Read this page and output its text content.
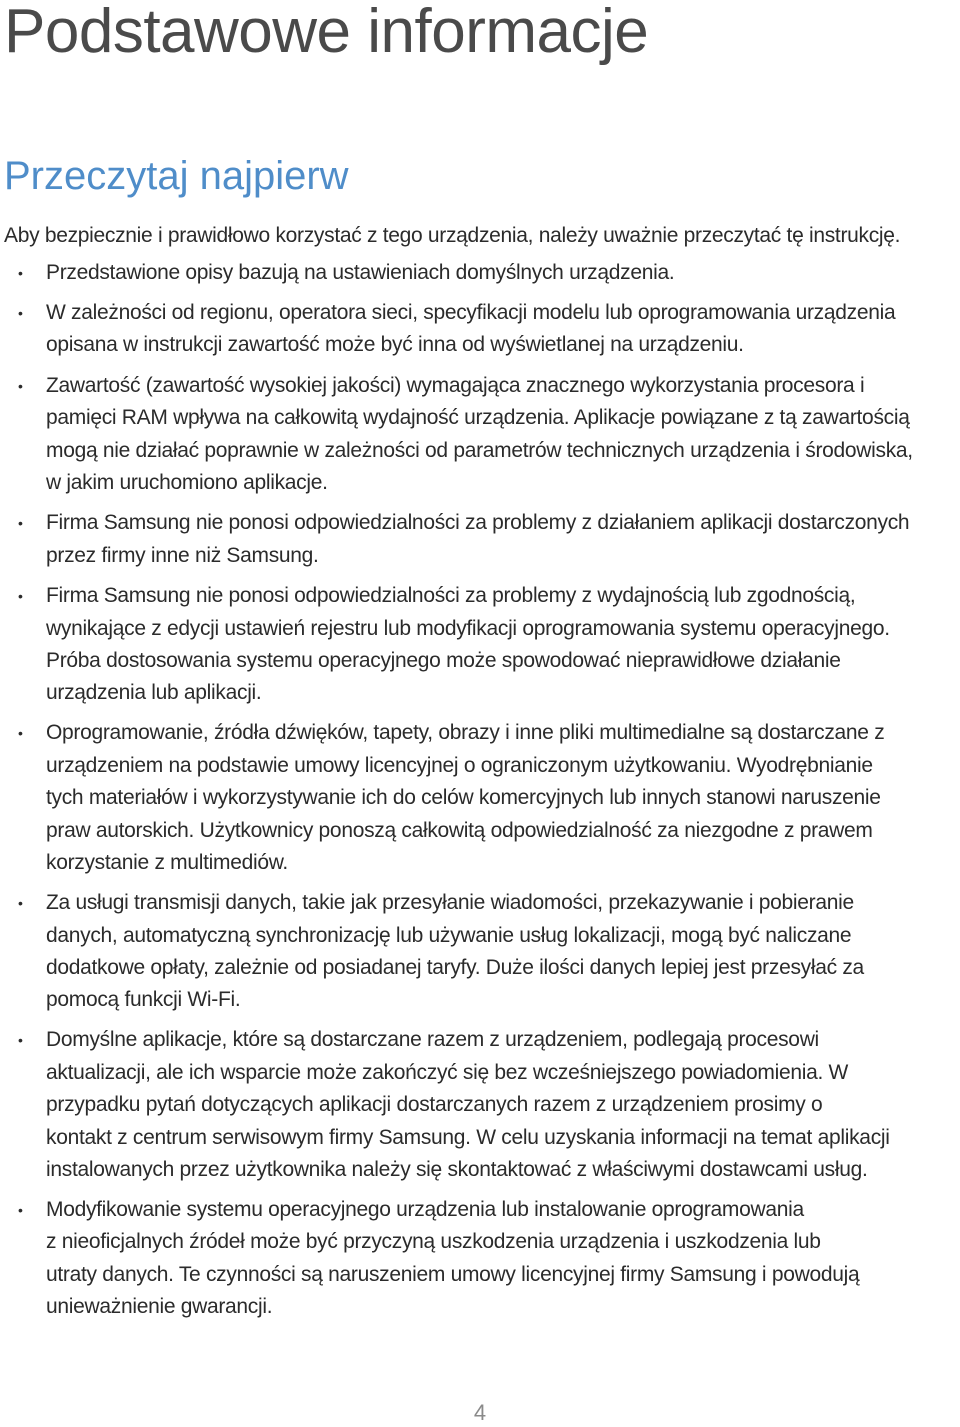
Podstawowe informacje
Przeczytaj najpierw

Aby bezpiecznie i prawidłowo korzystać z tego urządzenia, należy uważnie przeczytać tę instrukcję.

• Przedstawione opisy bazują na ustawieniach domyślnych urządzenia.
• W zależności od regionu, operatora sieci, specyfikacji modelu lub oprogramowania urządzenia
opisana w instrukcji zawartość może być inna od wyświetlanej na urządzeniu.
• Zawartość (zawartość wysokiej jakości) wymagająca znacznego wykorzystania procesora i
pamięci RAM wpływa na całkowitą wydajność urządzenia. Aplikacje powiązane z tą zawartością
mogą nie działać poprawnie w zależności od parametrów technicznych urządzenia i środowiska,
w jakim uruchomiono aplikacje.
• Firma Samsung nie ponosi odpowiedzialności za problemy z działaniem aplikacji dostarczonych
przez firmy inne niż Samsung.
• Firma Samsung nie ponosi odpowiedzialności za problemy z wydajnością lub zgodnością,
wynikające z edycji ustawień rejestru lub modyfikacji oprogramowania systemu operacyjnego.
Próba dostosowania systemu operacyjnego może spowodować nieprawidłowe działanie
urządzenia lub aplikacji.
• Oprogramowanie, źródła dźwięków, tapety, obrazy i inne pliki multimedialne są dostarczane z
urządzeniem na podstawie umowy licencyjnej o ograniczonym użytkowaniu. Wyodrębnianie
tych materiałów i wykorzystywanie ich do celów komercyjnych lub innych stanowi naruszenie
praw autorskich. Użytkownicy ponoszą całkowitą odpowiedzialność za niezgodne z prawem
korzystanie z multimediów.
• Za usługi transmisji danych, takie jak przesyłanie wiadomości, przekazywanie i pobieranie
danych, automatyczną synchronizację lub używanie usług lokalizacji, mogą być naliczane
dodatkowe opłaty, zależnie od posiadanej taryfy. Duże ilości danych lepiej jest przesyłać za
pomocą funkcji Wi-Fi.
• Domyślne aplikacje, które są dostarczane razem z urządzeniem, podlegają procesowi
aktualizacji, ale ich wsparcie może zakończyć się bez wcześniejszego powiadomienia. W
przypadku pytań dotyczących aplikacji dostarczanych razem z urządzeniem prosimy o
kontakt z centrum serwisowym firmy Samsung. W celu uzyskania informacji na temat aplikacji
instalowanych przez użytkownika należy się skontaktować z właściwymi dostawcami usług.
• Modyfikowanie systemu operacyjnego urządzenia lub instalowanie oprogramowania
z nieoficjalnych źródeł może być przyczyną uszkodzenia urządzenia i uszkodzenia lub
utraty danych. Te czynności są naruszeniem umowy licencyjnej firmy Samsung i powodują
unieważnienie gwarancji.
4
